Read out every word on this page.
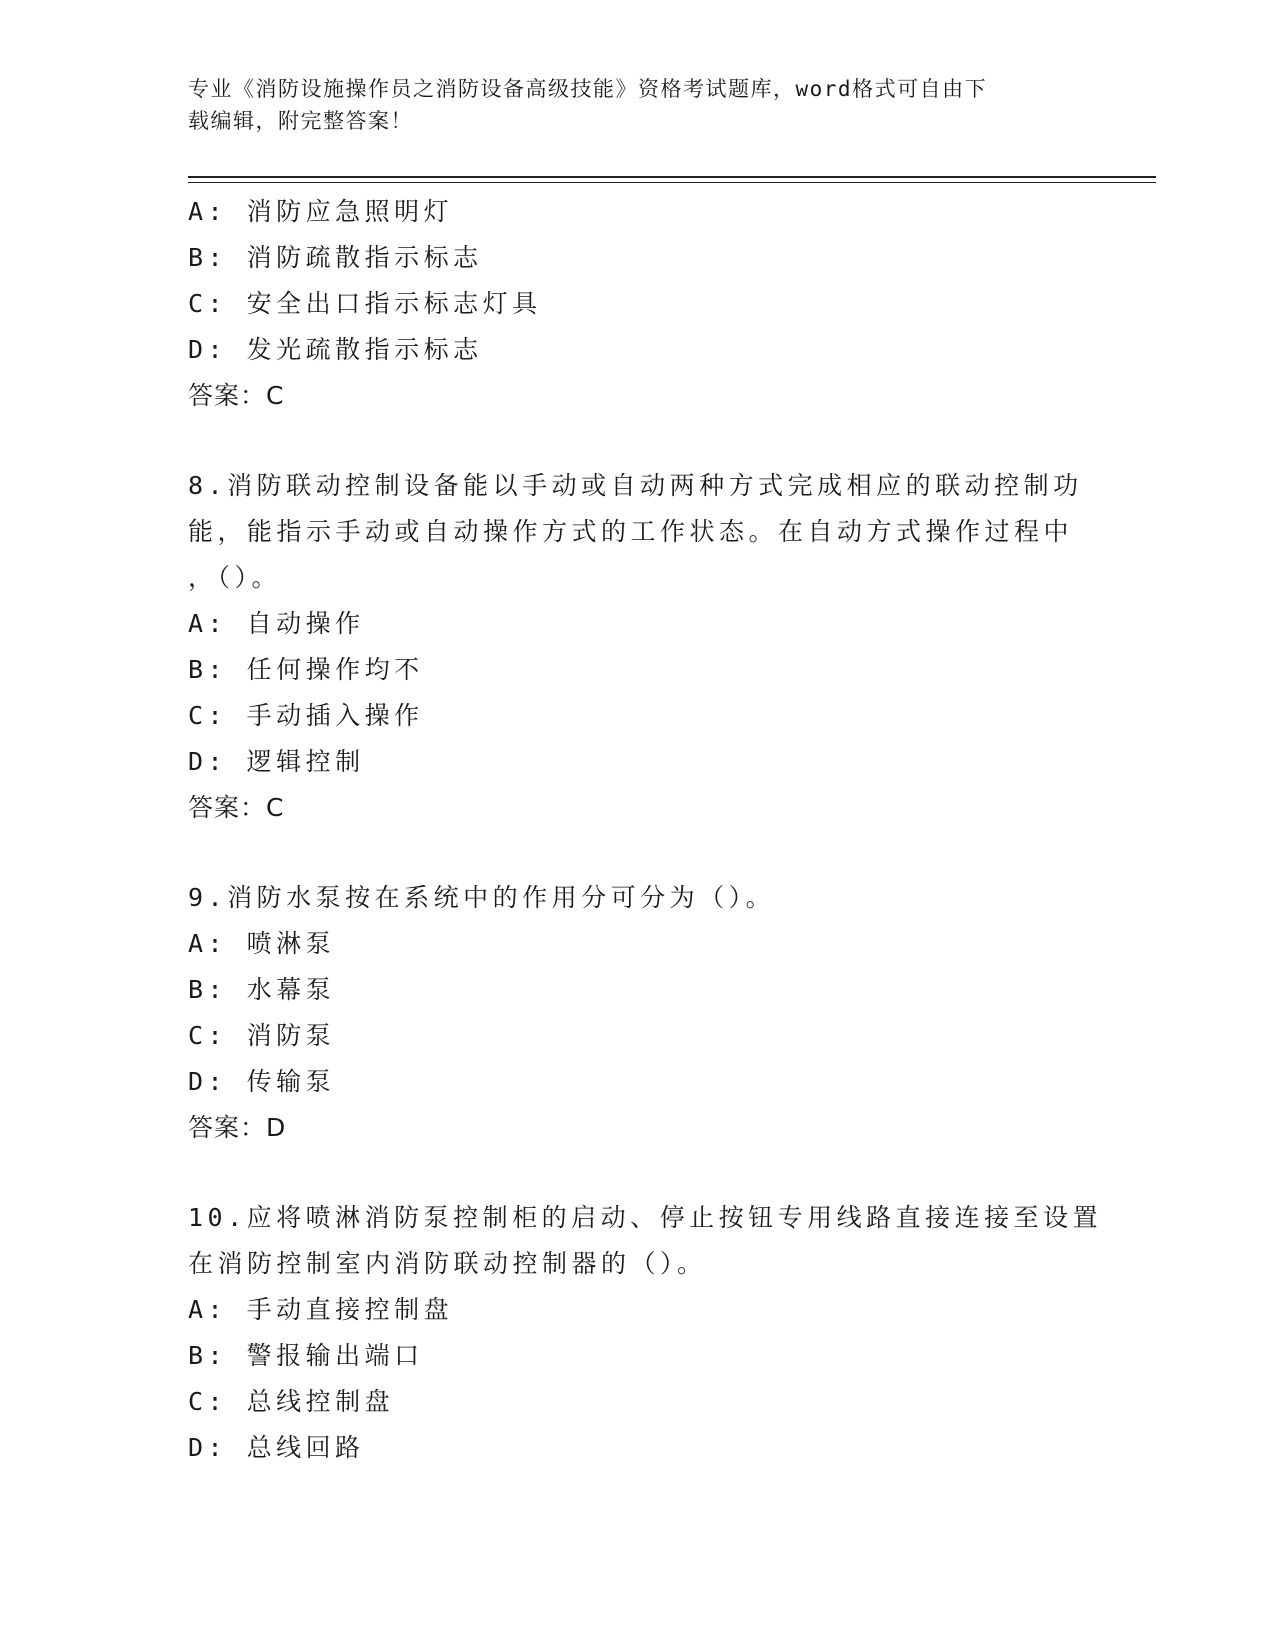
专业《消防设施操作员之消防设备高级技能》资格考试题库，word格式可自由下
载编辑，附完整答案！
A: 消防应急照明灯
B: 消防疏散指示标志
C: 安全出口指示标志灯具
D: 发光疏散指示标志
答案：C
8.消防联动控制设备能以手动或自动两种方式完成相应的联动控制功
能，能指示手动或自动操作方式的工作状态。在自动方式操作过程中
，（）。
A: 自动操作
B: 任何操作均不
C: 手动插入操作
D: 逻辑控制
答案：C
9.消防水泵按在系统中的作用分可分为（）。
A: 喷淋泵
B: 水幕泵
C: 消防泵
D: 传输泵
答案：D
10.应将喷淋消防泵控制柜的启动、停止按钮专用线路直接连接至设置
在消防控制室内消防联动控制器的（）。
A: 手动直接控制盘
B: 警报输出端口
C: 总线控制盘
D: 总线回路
